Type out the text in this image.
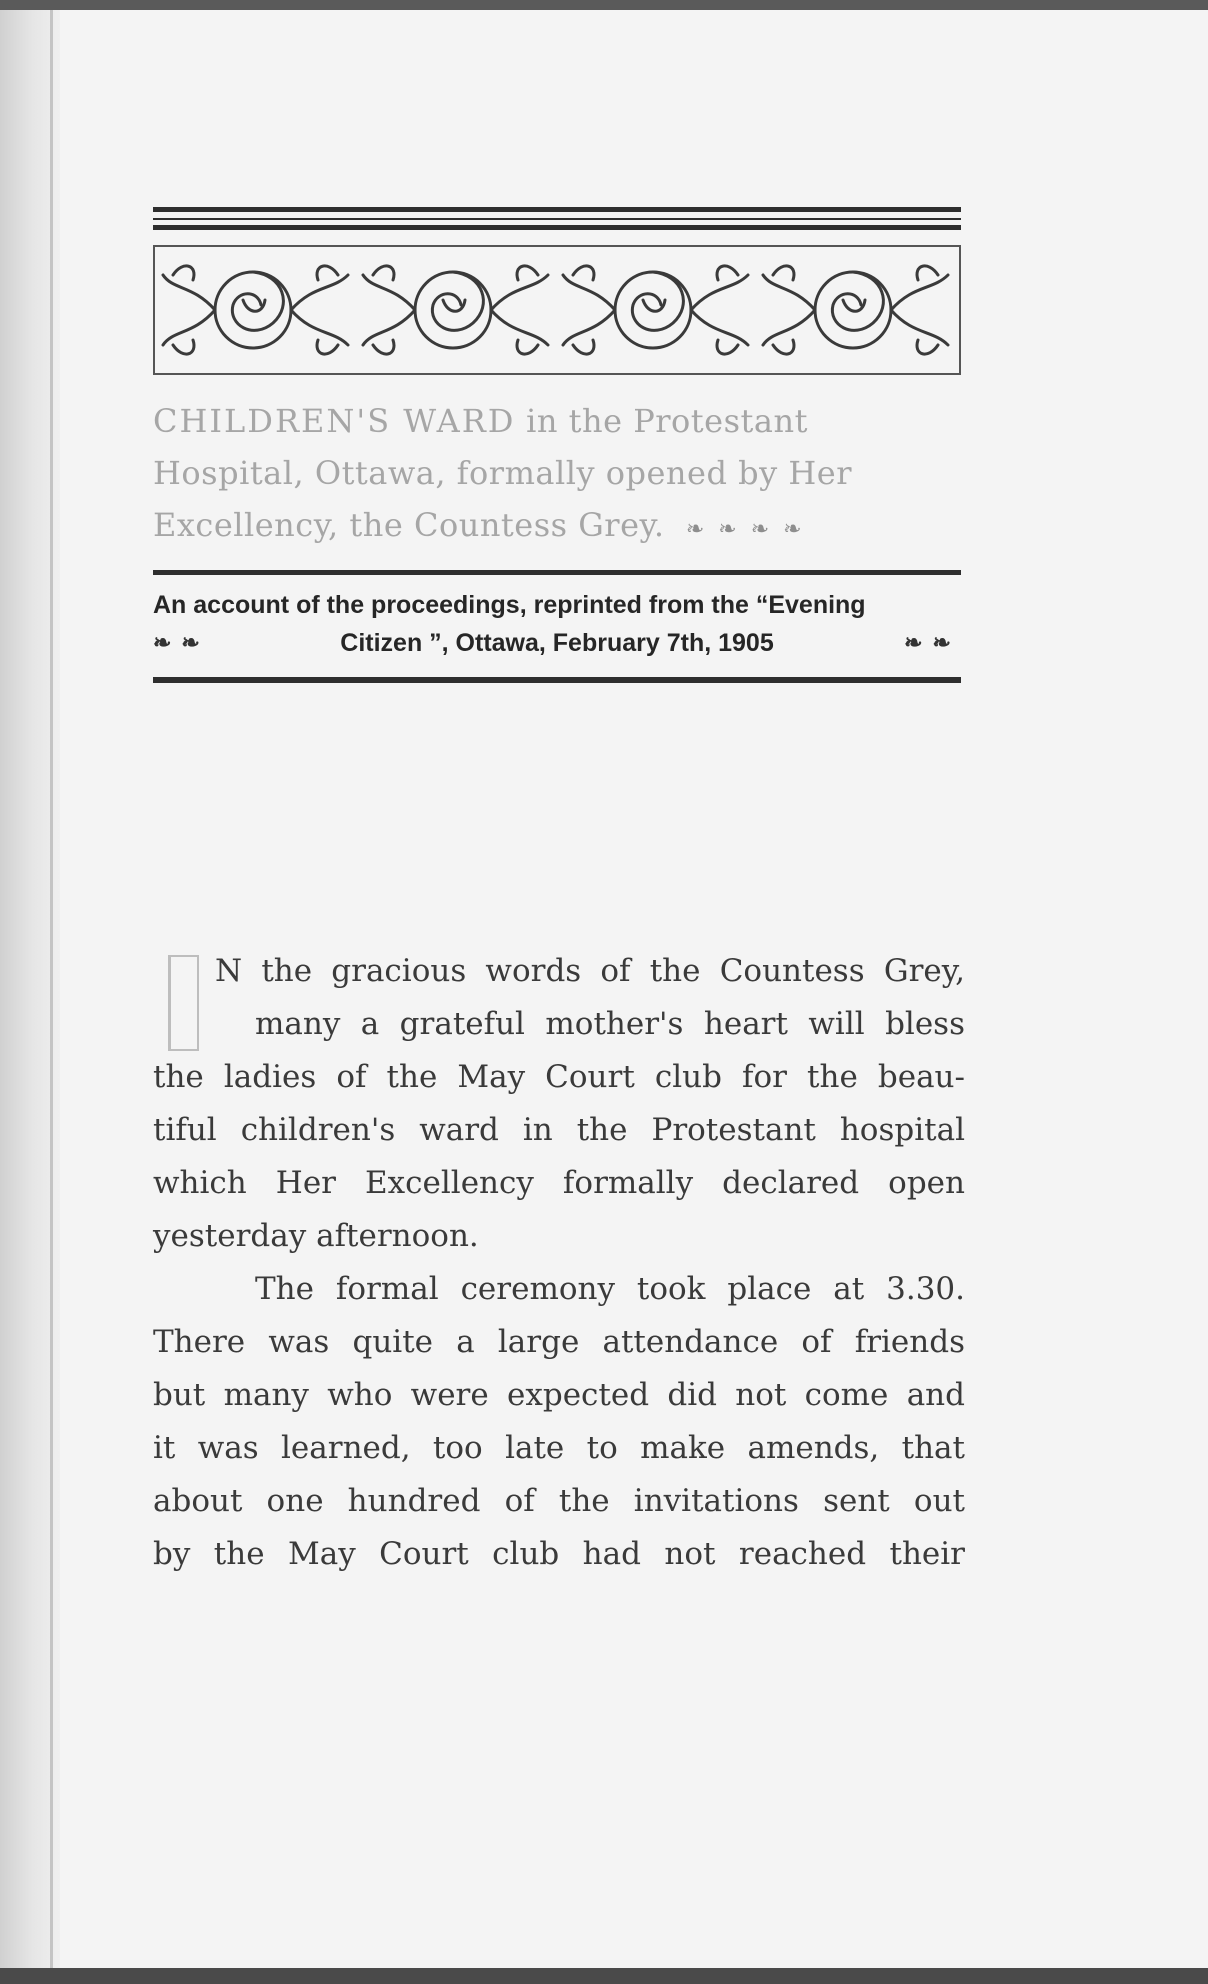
CHILDREN'S WARD in the Protestant
Hospital, Ottawa, formally opened by Her
Excellency, the Countess Grey. ❧❧❧❧
An account of the proceedings, reprinted from the “Evening
❧❧	Citizen ”, Ottawa, February 7th, 1905	❧❧
N the gracious words of the Countess Grey,
many a grateful mother's heart will bless
the ladies of the May Court club for the beau-
tiful children's ward in the Protestant hospital
which Her Excellency formally declared open
yesterday afternoon.
The formal ceremony took place at 3.30.
There was quite a large attendance of friends
but many who were expected did not come and
it was learned, too late to make amends, that
about one hundred of the invitations sent out
by the May Court club had not reached their
